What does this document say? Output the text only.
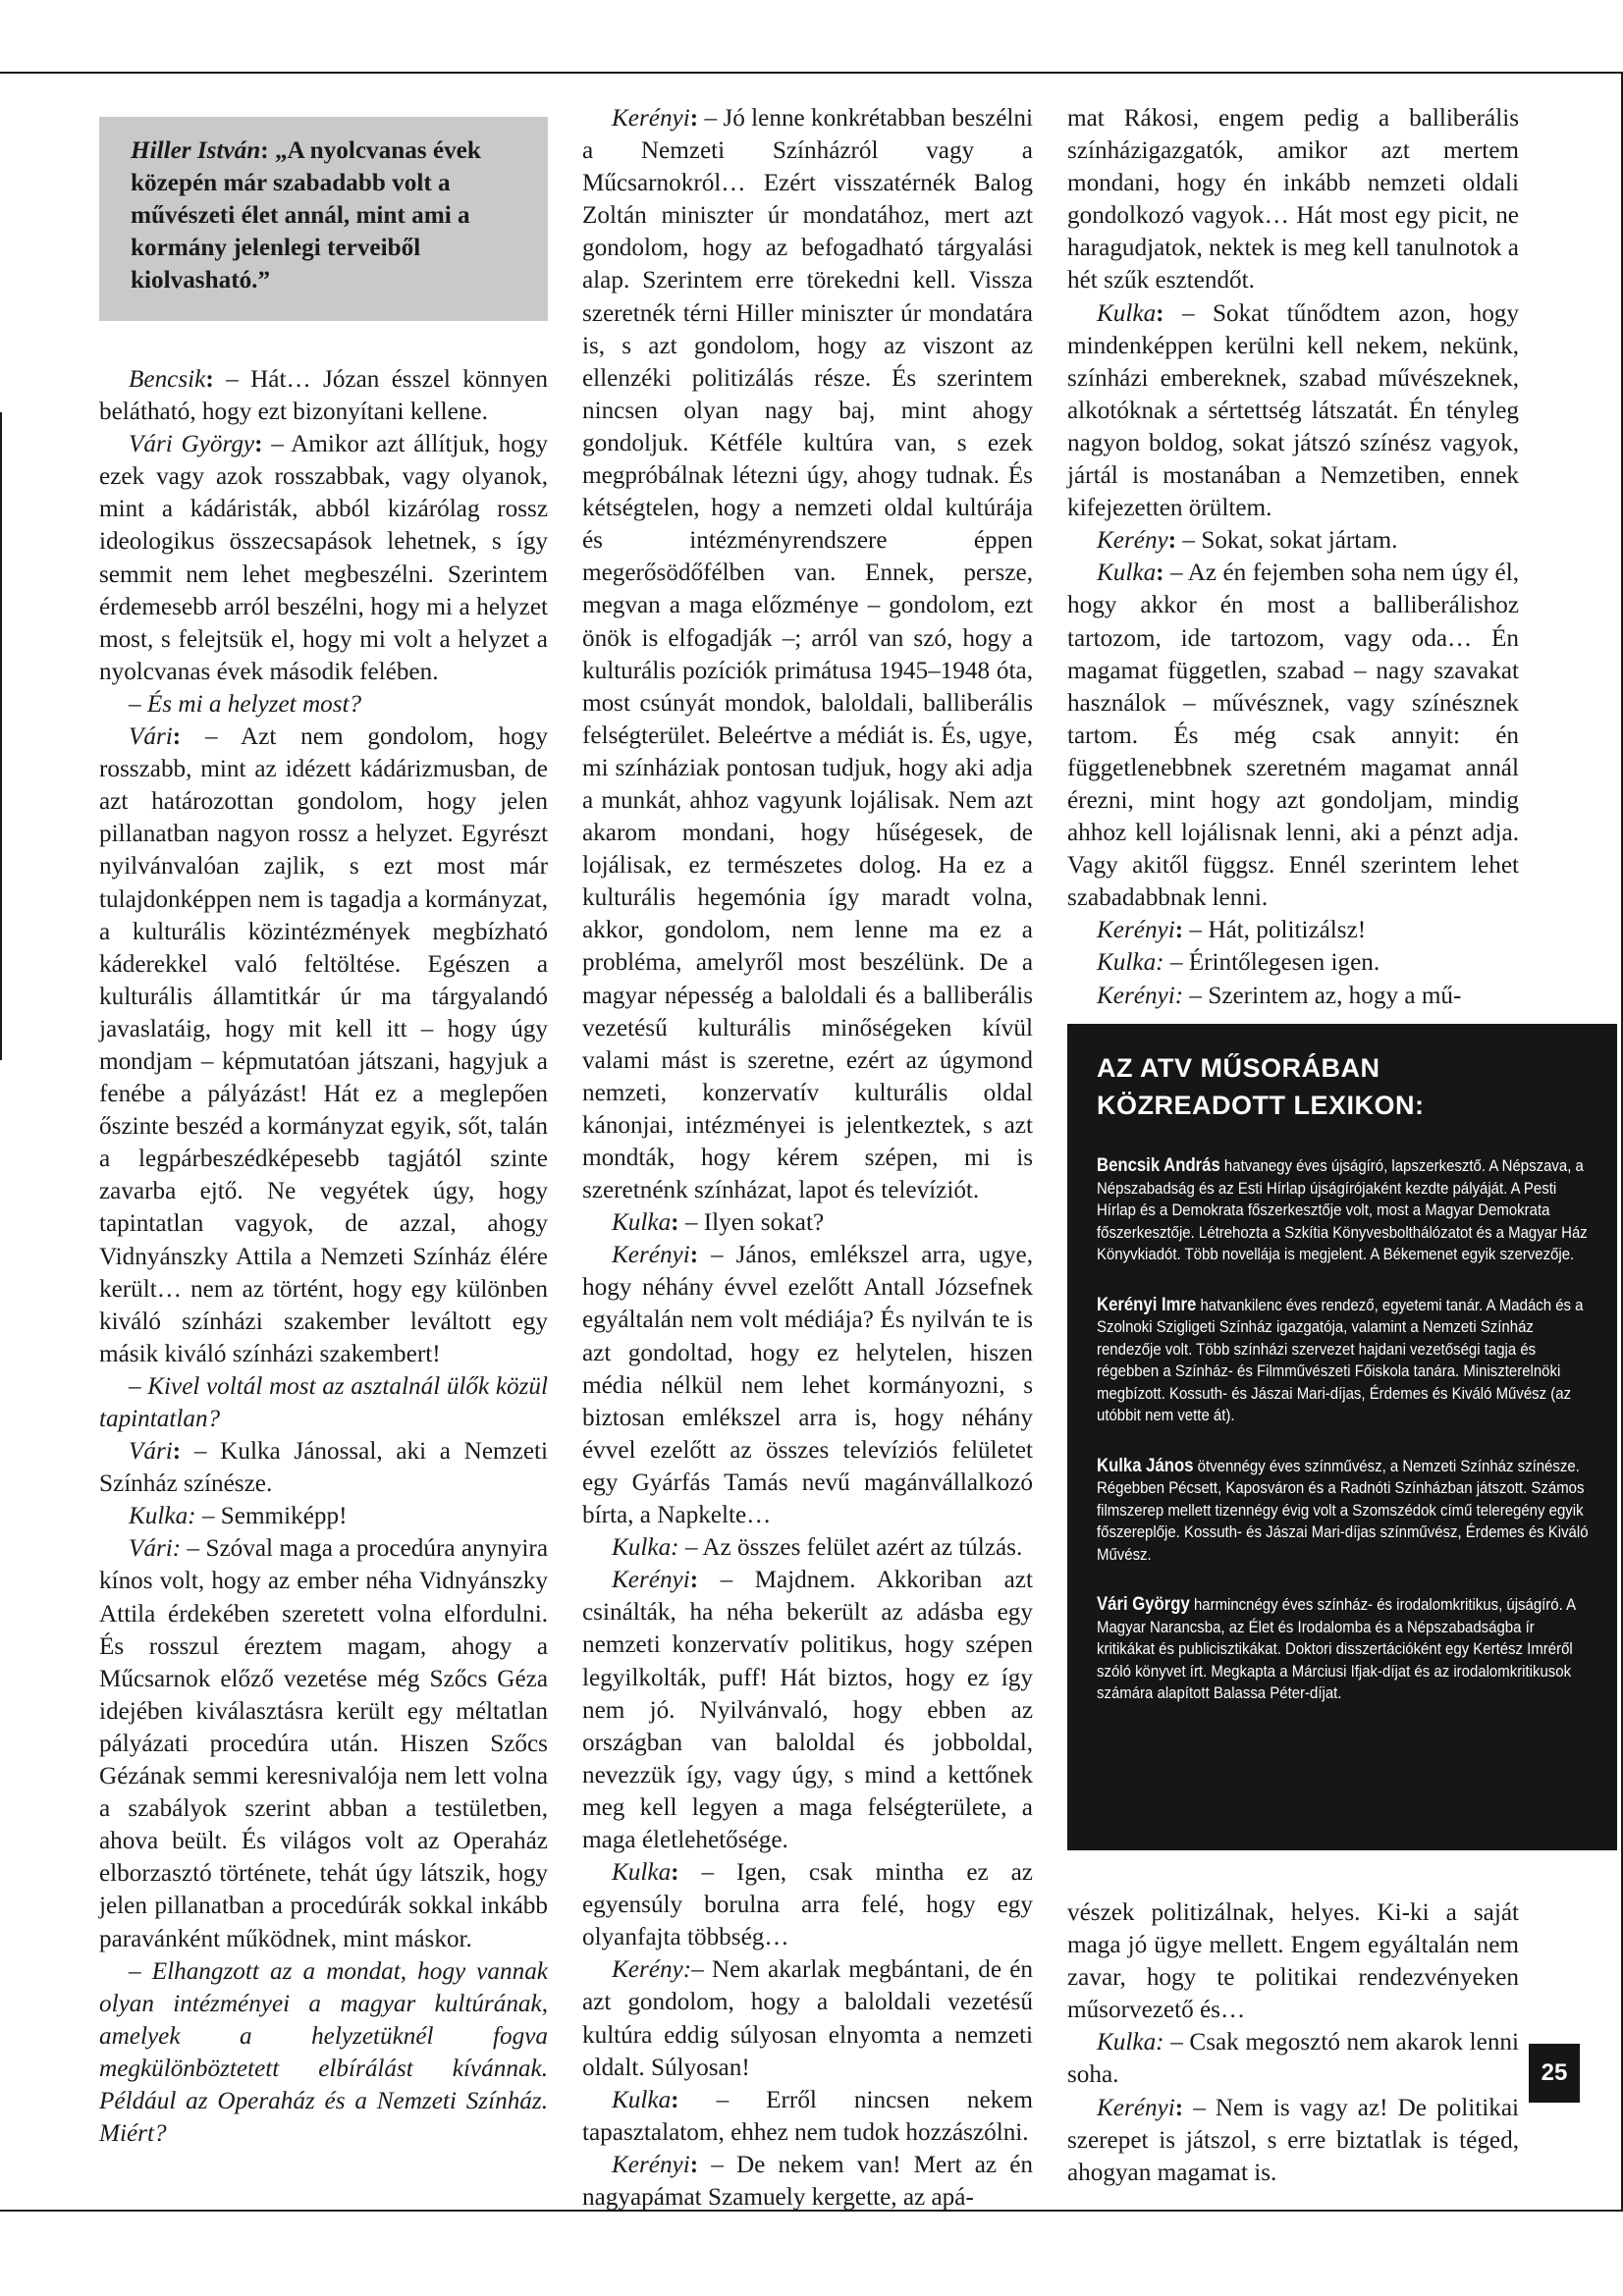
Hiller István: „A nyolcvanas évek közepén már szabadabb volt a művészeti élet annál, mint ami a kormány jelenlegi terveiből kiolvasható.”

Bencsik: – Hát… Józan ésszel könnyen belátható, hogy ezt bizonyítani kellene.

Vári György: – Amikor azt állítjuk, hogy ezek vagy azok rosszabbak, vagy olyanok, mint a kádáristák, abból kizárólag rossz ideologikus összecsapások lehetnek, s így semmit nem lehet megbeszélni. Szerintem érdemesebb arról beszélni, hogy mi a helyzet most, s felejtsük el, hogy mi volt a helyzet a nyolcvanas évek második felében.

– És mi a helyzet most?

Vári: – Azt nem gondolom, hogy rosszabb, mint az idézett kádárizmusban, de azt határozottan gondolom, hogy jelen pillanatban nagyon rossz a helyzet. Egyrészt nyilvánvalóan zajlik, s ezt most már tulajdonképpen nem is tagadja a kormányzat, a kulturális közintézmények megbízható káderekkel való feltöltése. Egészen a kulturális államtitkár úr ma tárgyalandó javaslatáig, hogy mit kell itt – hogy úgy mondjam – képmutatóan játszani, hagyjuk a fenébe a pályázást! Hát ez a meglepően őszinte beszéd a kormányzat egyik, sőt, talán a legpárbeszédképesebb tagjától szinte zavarba ejtő. Ne vegyétek úgy, hogy tapintatlan vagyok, de azzal, ahogy Vidnyánszky Attila a Nemzeti Színház élére került… nem az történt, hogy egy különben kiváló színházi szakember leváltott egy másik kiváló színházi szakembert!

– Kivel voltál most az asztalnál ülők közül tapintatlan?

Vári: – Kulka Jánossal, aki a Nemzeti Színház színésze.

Kulka: – Semmiképp!

Vári: – Szóval maga a procedúra anynyira kínos volt, hogy az ember néha Vidnyánszky Attila érdekében szeretett volna elfordulni. És rosszul éreztem magam, ahogy a Műcsarnok előző vezetése még Szőcs Géza idejében kiválasztásra került egy méltatlan pályázati procedúra után. Hiszen Szőcs Gézának semmi keresnivalója nem lett volna a szabályok szerint abban a testületben, ahova beült. És világos volt az Operaház elborzasztó története, tehát úgy látszik, hogy jelen pillanatban a procedúrák sokkal inkább paravánként működnek, mint máskor.

– Elhangzott az a mondat, hogy vannak olyan intézményei a magyar kultúrának, amelyek a helyzetüknél fogva megkülönböztetett elbírálást kívánnak. Például az Operaház és a Nemzeti Színház. Miért?

Kerényi: – Jó lenne konkrétabban beszélni a Nemzeti Színházról vagy a Műcsarnokról… Ezért visszatérnék Balog Zoltán miniszter úr mondatához, mert azt gondolom, hogy az befogadható tárgyalási alap. Szerintem erre törekedni kell. Vissza szeretnék térni Hiller miniszter úr mondatára is, s azt gondolom, hogy az viszont az ellenzéki politizálás része. És szerintem nincsen olyan nagy baj, mint ahogy gondoljuk. Kétféle kultúra van, s ezek megpróbálnak létezni úgy, ahogy tudnak. És kétségtelen, hogy a nemzeti oldal kultúrája és intézményrendszere éppen megerősödőfélben van. Ennek, persze, megvan a maga előzménye – gondolom, ezt önök is elfogadják –; arról van szó, hogy a kulturális pozíciók primátusa 1945–1948 óta, most csúnyát mondok, baloldali, balliberális felségterület. Beleértve a médiát is. És, ugye, mi színháziak pontosan tudjuk, hogy aki adja a munkát, ahhoz vagyunk lojálisak. Nem azt akarom mondani, hogy hűségesek, de lojálisak, ez természetes dolog. Ha ez a kulturális hegemónia így maradt volna, akkor, gondolom, nem lenne ma ez a probléma, amelyről most beszélünk. De a magyar népesség a baloldali és a balliberális vezetésű kulturális minőségeken kívül valami mást is szeretne, ezért az úgymond nemzeti, konzervatív kulturális oldal kánonjai, intézményei is jelentkeztek, s azt mondták, hogy kérem szépen, mi is szeretnénk színházat, lapot és televíziót.

Kulka: – Ilyen sokat?

Kerényi: – János, emlékszel arra, ugye, hogy néhány évvel ezelőtt Antall Józsefnek egyáltalán nem volt médiája? És nyilván te is azt gondoltad, hogy ez helytelen, hiszen média nélkül nem lehet kormányozni, s biztosan emlékszel arra is, hogy néhány évvel ezelőtt az összes televíziós felületet egy Gyárfás Tamás nevű magánvállalkozó bírta, a Napkelte…

Kulka: – Az összes felület azért az túlzás.

Kerényi: – Majdnem. Akkoriban azt csinálták, ha néha bekerült az adásba egy nemzeti konzervatív politikus, hogy szépen legyilkolták, puff! Hát biztos, hogy ez így nem jó. Nyilvánvaló, hogy ebben az országban van baloldal és jobboldal, nevezzük így, vagy úgy, s mind a kettőnek meg kell legyen a maga felségterülete, a maga életlehetősége.

Kulka: – Igen, csak mintha ez az egyensúly borulna arra felé, hogy egy olyanfajta többség…

Kerény:– Nem akarlak megbántani, de én azt gondolom, hogy a baloldali vezetésű kultúra eddig súlyosan elnyomta a nemzeti oldalt. Súlyosan!

Kulka: – Erről nincsen nekem tapasztalatom, ehhez nem tudok hozzászólni.

Kerényi: – De nekem van! Mert az én nagyapámat Szamuely kergette, az apá-

mat Rákosi, engem pedig a balliberális színházigazgatók, amikor azt mertem mondani, hogy én inkább nemzeti oldali gondolkozó vagyok… Hát most egy picit, ne haragudjatok, nektek is meg kell tanulnotok a hét szűk esztendőt.

Kulka: – Sokat tűnődtem azon, hogy mindenképpen kerülni kell nekem, nekünk, színházi embereknek, szabad művészeknek, alkotóknak a sértettség látszatát. Én tényleg nagyon boldog, sokat játszó színész vagyok, jártál is mostanában a Nemzetiben, ennek kifejezetten örültem.

Kerény: – Sokat, sokat jártam.

Kulka: – Az én fejemben soha nem úgy él, hogy akkor én most a balliberálishoz tartozom, ide tartozom, vagy oda… Én magamat független, szabad – nagy szavakat használok – művésznek, vagy színésznek tartom. És még csak annyit: én függetlenebbnek szeretném magamat annál érezni, mint hogy azt gondoljam, mindig ahhoz kell lojálisnak lenni, aki a pénzt adja. Vagy akitől függsz. Ennél szerintem lehet szabadabbnak lenni.

Kerényi: – Hát, politizálsz!

Kulka: – Érintőlegesen igen.

Kerényi: – Szerintem az, hogy a mű-

AZ ATV MŰSORÁBAN
KÖZREADOTT LEXIKON:
Bencsik András hatvanegy éves újságíró, lapszerkesztő. A Népszava, a Népszabadság és az Esti Hírlap újságírójaként kezdte pályáját. A Pesti Hírlap és a Demokrata főszerkesztője volt, most a Magyar Demokrata főszerkesztője. Létrehozta a Szkítia Könyvesbolthálózatot és a Magyar Ház Könyvkiadót. Több novellája is megjelent. A Békemenet egyik szervezője.
Kerényi Imre hatvankilenc éves rendező, egyetemi tanár. A Madách és a Szolnoki Szigligeti Színház igazgatója, valamint a Nemzeti Színház rendezője volt. Több színházi szervezet hajdani vezetőségi tagja és régebben a Színház- és Filmművészeti Főiskola tanára. Miniszterelnöki megbízott. Kossuth- és Jászai Mari-díjas, Érdemes és Kiváló Művész (az utóbbit nem vette át).
Kulka János ötvennégy éves színművész, a Nemzeti Színház színésze. Régebben Pécsett, Kaposváron és a Radnóti Színházban játszott. Számos filmszerep mellett tizennégy évig volt a Szomszédok című teleregény egyik főszereplője. Kossuth- és Jászai Mari-díjas színművész, Érdemes és Kiváló Művész.
Vári György harmincnégy éves színház- és irodalomkritikus, újságíró. A Magyar Narancsba, az Élet és Irodalomba és a Népszabadságba ír kritikákat és publicisztikákat. Doktori disszertációként egy Kertész Imréről szóló könyvet írt. Megkapta a Márciusi Ifjak-díjat és az irodalomkritikusok számára alapított Balassa Péter-díjat.

vészek politizálnak, helyes. Ki-ki a saját maga jó ügye mellett. Engem egyáltalán nem zavar, hogy te politikai rendezvényeken műsorvezető és…

Kulka: – Csak megosztó nem akarok lenni soha.

Kerényi: – Nem is vagy az! De politikai szerepet is játszol, s erre biztatlak is téged, ahogyan magamat is.

25
